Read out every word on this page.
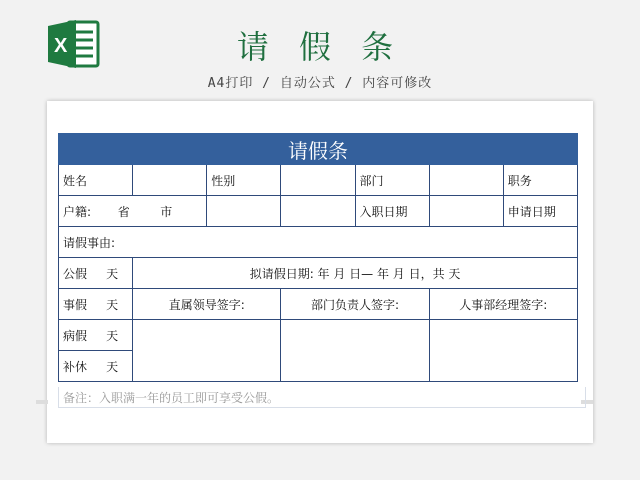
X	请 假 条
A4打印 / 自动公式 / 内容可修改
请假条						
姓名		性别		部门		职务
户籍: 省 市				入职日期		申请日期
请假事由:						
公假 天	拟请假日期: 年 月 日— 年 月 日，共 天					
事假 天	直属领导签字:		部门负责人签字:		人事部经理签字:	
病假 天						
补休 天						
备注：入职满一年的员工即可享受公假。
